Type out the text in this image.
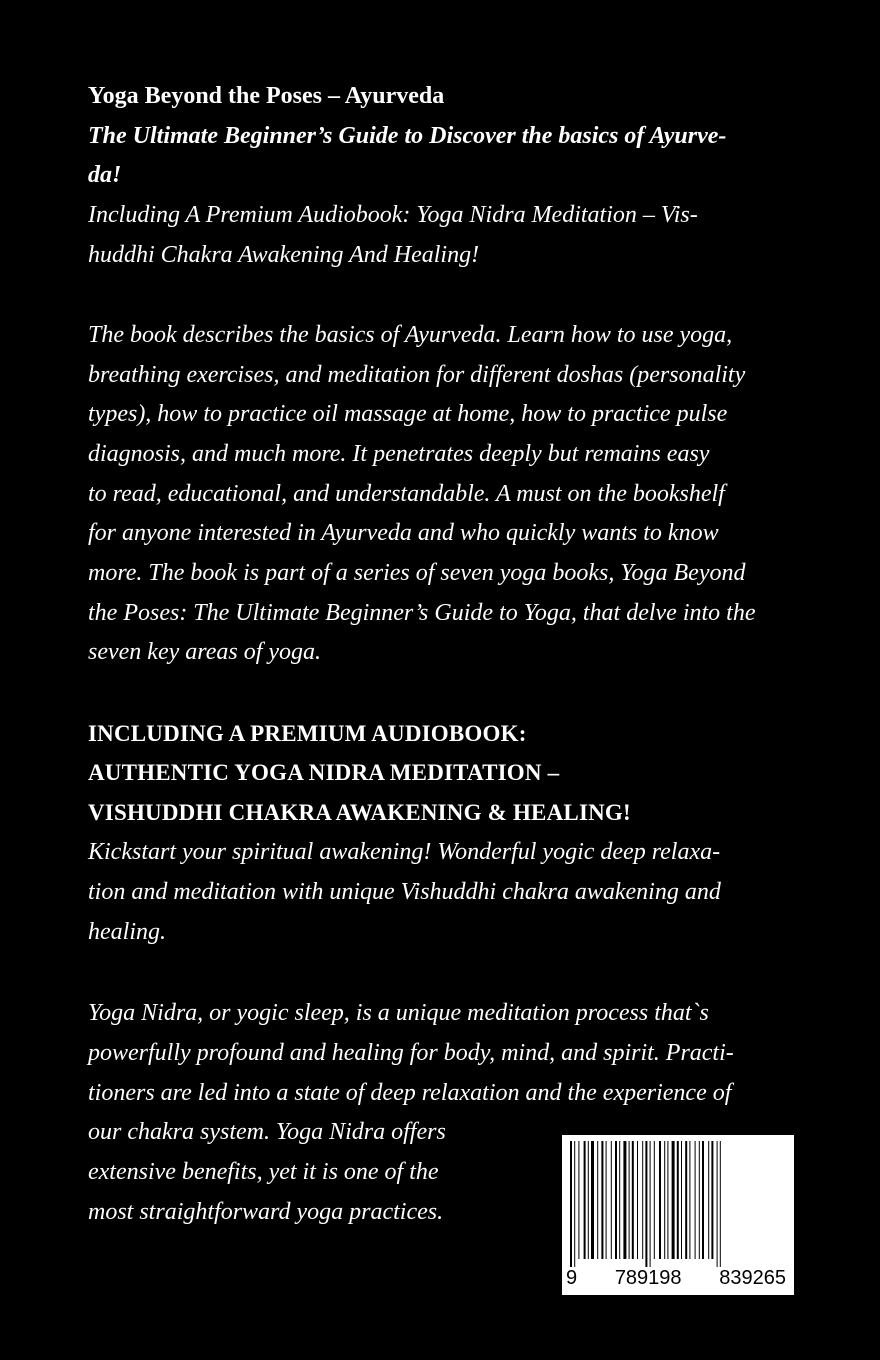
Yoga Beyond the Poses – Ayurveda
The Ultimate Beginner’s Guide to Discover the basics of Ayurve-
da!
Including A Premium Audiobook: Yoga Nidra Meditation – Vis-
huddhi Chakra Awakening And Healing!
The book describes the basics of Ayurveda. Learn how to use yoga,
breathing exercises, and meditation for different doshas (personality
types), how to practice oil massage at home, how to practice pulse
diagnosis, and much more. It penetrates deeply but remains easy
to read, educational, and understandable. A must on the bookshelf
for anyone interested in Ayurveda and who quickly wants to know
more. The book is part of a series of seven yoga books, Yoga Beyond
the Poses: The Ultimate Beginner’s Guide to Yoga, that delve into the
seven key areas of yoga.
INCLUDING A PREMIUM AUDIOBOOK:
AUTHENTIC YOGA NIDRA MEDITATION –
VISHUDDHI CHAKRA AWAKENING & HEALING!
Kickstart your spiritual awakening! Wonderful yogic deep relaxa-
tion and meditation with unique Vishuddhi chakra awakening and
healing.
Yoga Nidra, or yogic sleep, is a unique meditation process that`s
powerfully profound and healing for body, mind, and spirit. Practi-
tioners are led into a state of deep relaxation and the experience of
our chakra system. Yoga Nidra offers
extensive benefits, yet it is one of the
most straightforward yoga practices.
9 789198 839265
